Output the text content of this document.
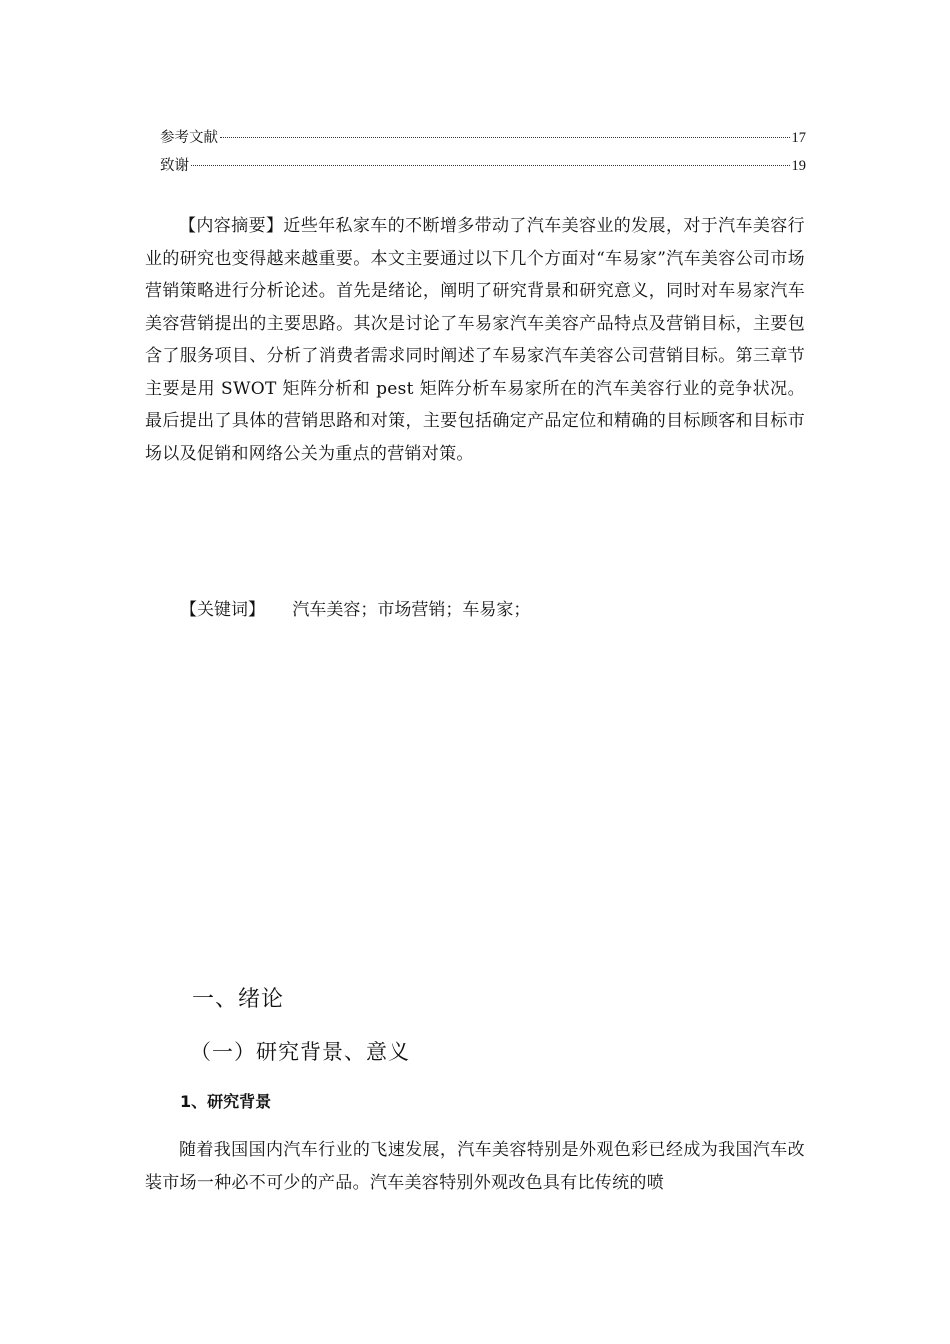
参考文献	17
致谢	19

【内容摘要】近些年私家车的不断增多带动了汽车美容业的发展，对于汽车美容行业的研究也变得越来越重要。本文主要通过以下几个方面对“车易家”汽车美容公司市场营销策略进行分析论述。首先是绪论，阐明了研究背景和研究意义，同时对车易家汽车美容营销提出的主要思路。其次是讨论了车易家汽车美容产品特点及营销目标，主要包含了服务项目、分析了消费者需求同时阐述了车易家汽车美容公司营销目标。第三章节主要是用 SWOT 矩阵分析和 pest 矩阵分析车易家所在的汽车美容行业的竞争状况。最后提出了具体的营销思路和对策，主要包括确定产品定位和精确的目标顾客和目标市场以及促销和网络公关为重点的营销对策。

【关键词】 汽车美容；市场营销；车易家；
一、绪论
（一）研究背景、意义
1、研究背景

随着我国国内汽车行业的飞速发展，汽车美容特别是外观色彩已经成为我国汽车改装市场一种必不可少的产品。汽车美容特别外观改色具有比传统的喷
